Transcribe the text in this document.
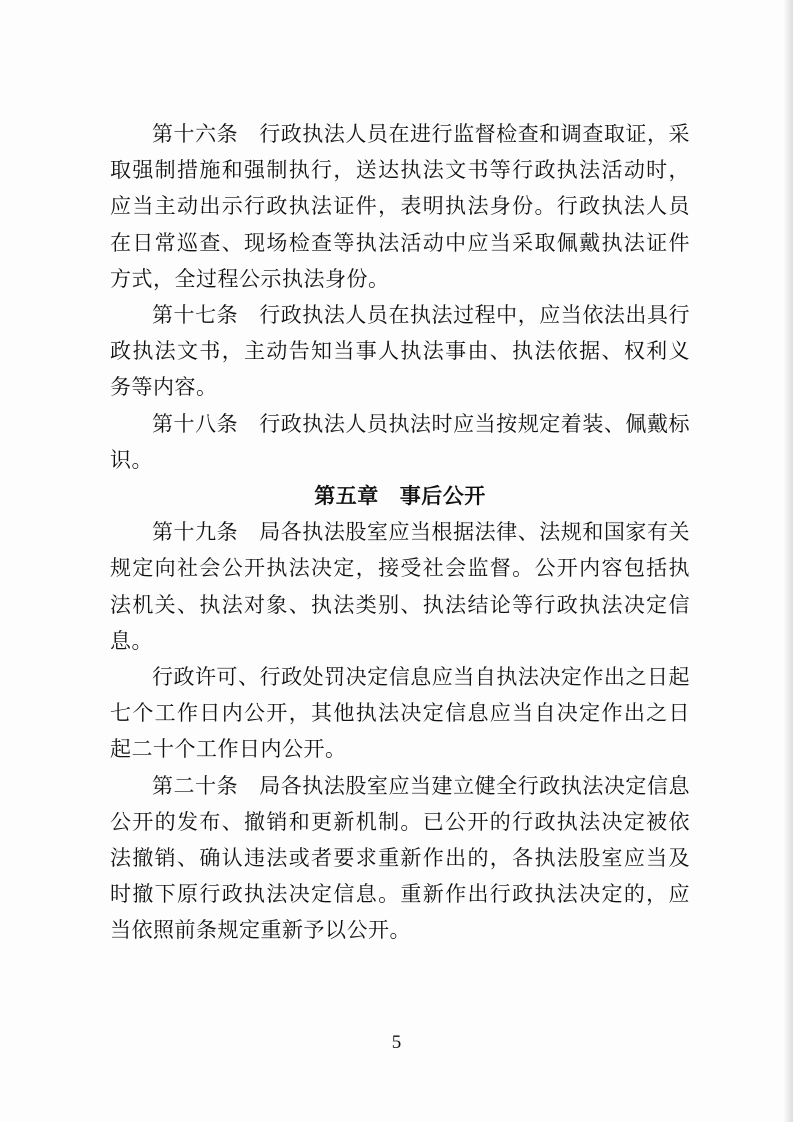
第十六条 行政执法人员在进行监督检查和调查取证，采取强制措施和强制执行，送达执法文书等行政执法活动时，应当主动出示行政执法证件，表明执法身份。行政执法人员在日常巡查、现场检查等执法活动中应当采取佩戴执法证件方式，全过程公示执法身份。

第十七条 行政执法人员在执法过程中，应当依法出具行政执法文书，主动告知当事人执法事由、执法依据、权利义务等内容。

第十八条 行政执法人员执法时应当按规定着装、佩戴标识。

第五章 事后公开

第十九条 局各执法股室应当根据法律、法规和国家有关规定向社会公开执法决定，接受社会监督。公开内容包括执法机关、执法对象、执法类别、执法结论等行政执法决定信息。

行政许可、行政处罚决定信息应当自执法决定作出之日起七个工作日内公开，其他执法决定信息应当自决定作出之日起二十个工作日内公开。

第二十条 局各执法股室应当建立健全行政执法决定信息公开的发布、撤销和更新机制。已公开的行政执法决定被依法撤销、确认违法或者要求重新作出的，各执法股室应当及时撤下原行政执法决定信息。重新作出行政执法决定的，应当依照前条规定重新予以公开。

5
